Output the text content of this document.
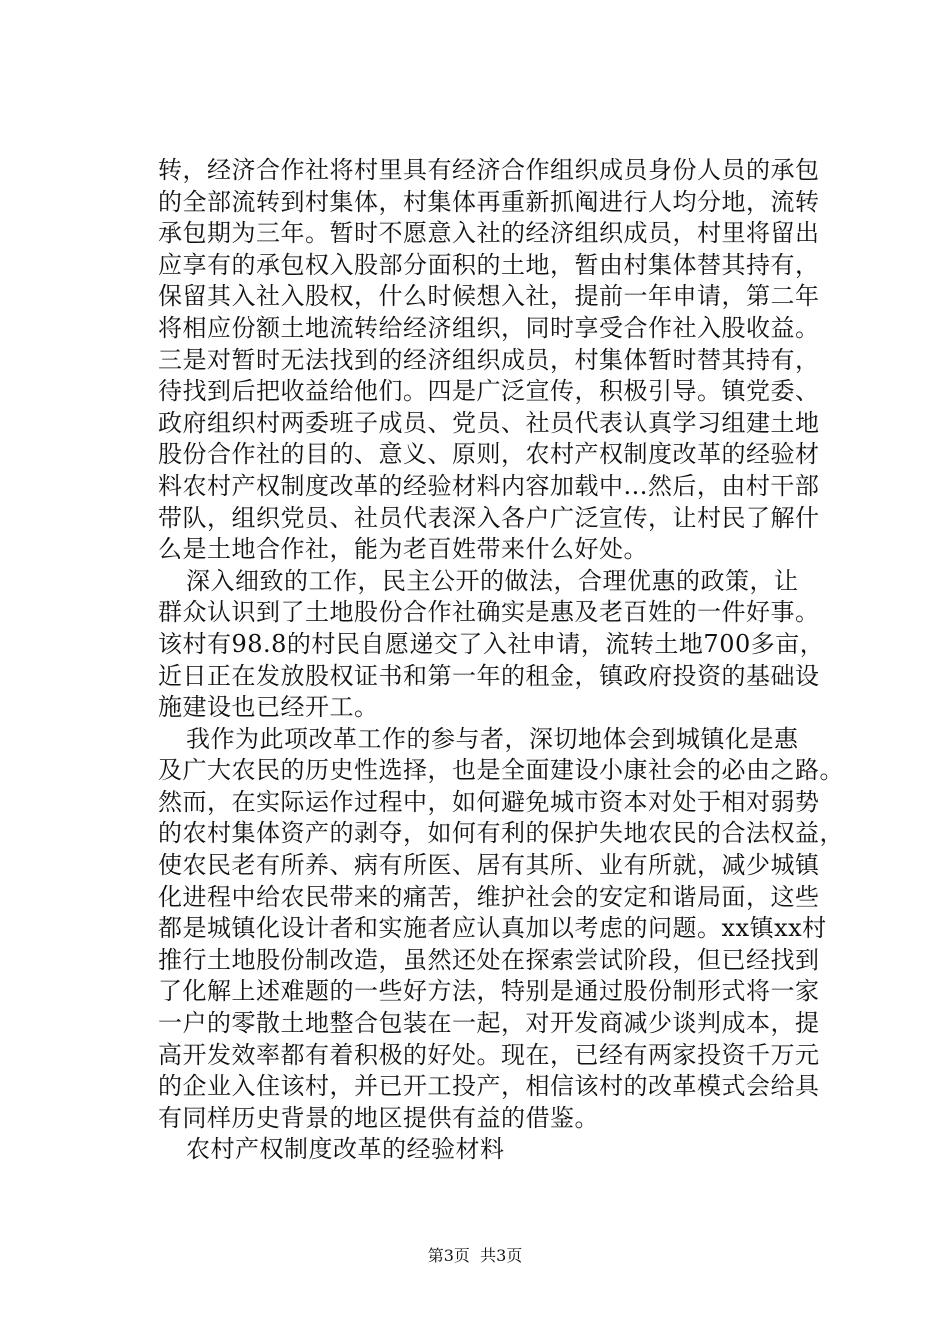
转，经济合作社将村里具有经济合作组织成员身份人员的承包
的全部流转到村集体，村集体再重新抓阄进行人均分地，流转
承包期为三年。暂时不愿意入社的经济组织成员，村里将留出
应享有的承包权入股部分面积的土地，暂由村集体替其持有，
保留其入社入股权，什么时候想入社，提前一年申请，第二年
将相应份额土地流转给经济组织，同时享受合作社入股收益。
三是对暂时无法找到的经济组织成员，村集体暂时替其持有，
待找到后把收益给他们。四是广泛宣传，积极引导。镇党委、
政府组织村两委班子成员、党员、社员代表认真学习组建土地
股份合作社的目的、意义、原则，农村产权制度改革的经验材
料农村产权制度改革的经验材料内容加载中...然后，由村干部
带队，组织党员、社员代表深入各户广泛宣传，让村民了解什
么是土地合作社，能为老百姓带来什么好处。
深入细致的工作，民主公开的做法，合理优惠的政策，让
群众认识到了土地股份合作社确实是惠及老百姓的一件好事。
该村有98.8的村民自愿递交了入社申请，流转土地700多亩，
近日正在发放股权证书和第一年的租金，镇政府投资的基础设
施建设也已经开工。
我作为此项改革工作的参与者，深切地体会到城镇化是惠
及广大农民的历史性选择，也是全面建设小康社会的必由之路。
然而，在实际运作过程中，如何避免城市资本对处于相对弱势
的农村集体资产的剥夺，如何有利的保护失地农民的合法权益，
使农民老有所养、病有所医、居有其所、业有所就，减少城镇
化进程中给农民带来的痛苦，维护社会的安定和谐局面，这些
都是城镇化设计者和实施者应认真加以考虑的问题。xx镇xx村
推行土地股份制改造，虽然还处在探索尝试阶段，但已经找到
了化解上述难题的一些好方法，特别是通过股份制形式将一家
一户的零散土地整合包装在一起，对开发商减少谈判成本，提
高开发效率都有着积极的好处。现在，已经有两家投资千万元
的企业入住该村，并已开工投产，相信该村的改革模式会给具
有同样历史背景的地区提供有益的借鉴。
农村产权制度改革的经验材料
第3页  共3页
